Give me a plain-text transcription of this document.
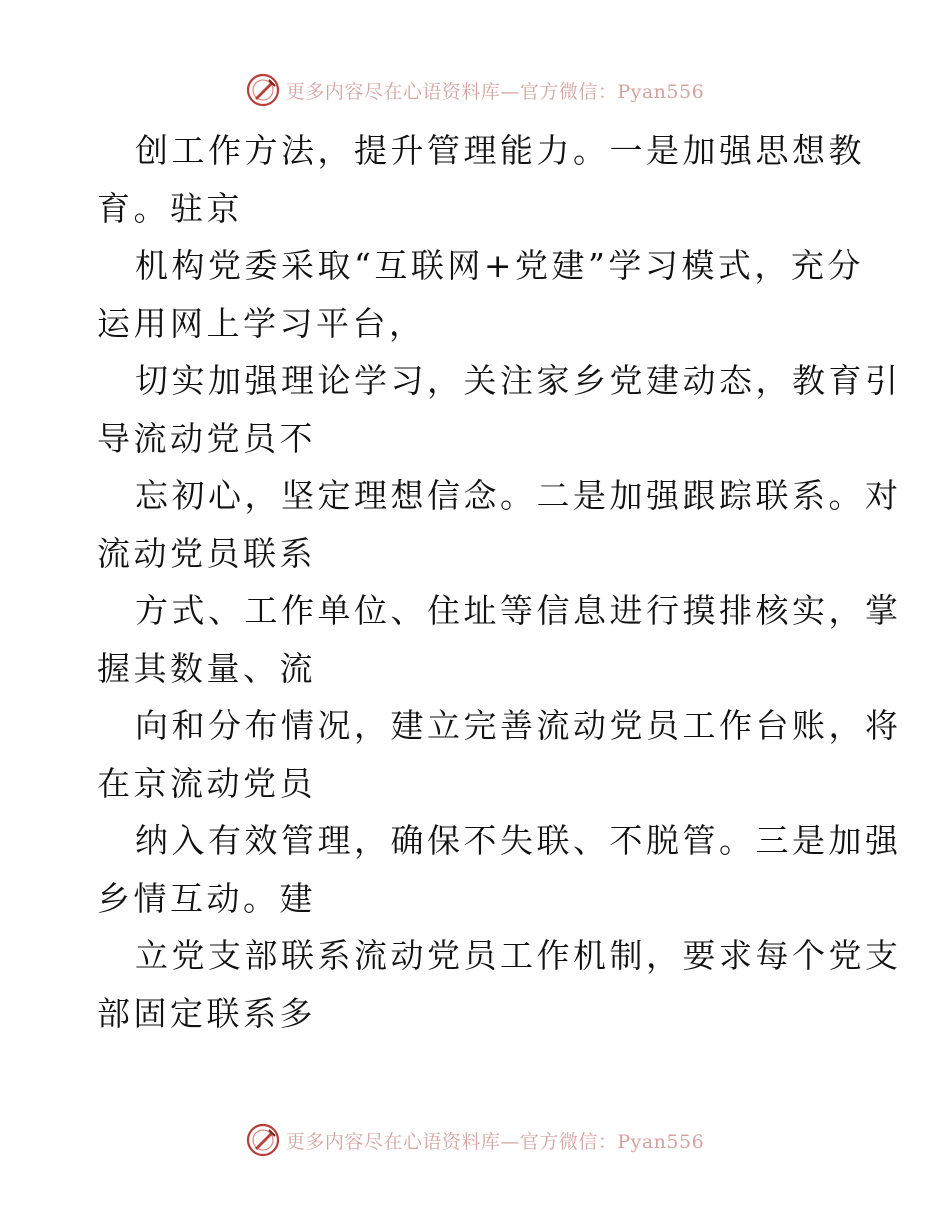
更多内容尽在心语资料库—官方微信：Pyan556
创工作方法，提升管理能力。一是加强思想教
育。驻京
机构党委采取“互联网+党建”学习模式，充分
运用网上学习平台，
切实加强理论学习，关注家乡党建动态，教育引
导流动党员不
忘初心，坚定理想信念。二是加强跟踪联系。对
流动党员联系
方式、工作单位、住址等信息进行摸排核实，掌
握其数量、流
向和分布情况，建立完善流动党员工作台账，将
在京流动党员
纳入有效管理，确保不失联、不脱管。三是加强
乡情互动。建
立党支部联系流动党员工作机制，要求每个党支
部固定联系多
更多内容尽在心语资料库—官方微信：Pyan556
